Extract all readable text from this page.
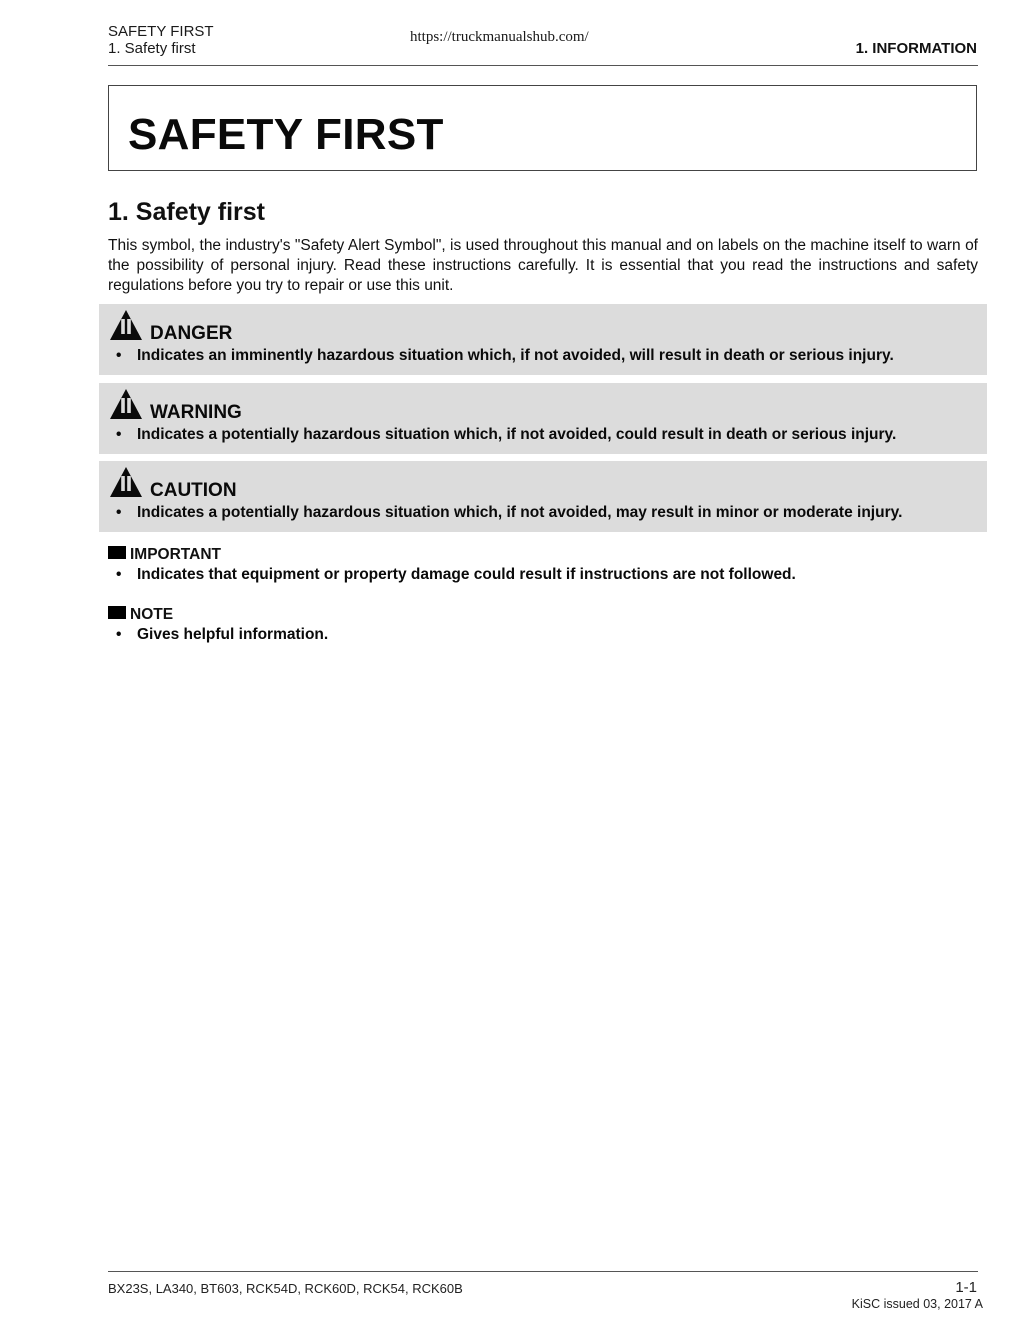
SAFETY FIRST
1. Safety first
https://truckmanualshub.com/
1. INFORMATION
SAFETY FIRST
1. Safety first

This symbol, the industry's "Safety Alert Symbol", is used throughout this manual and on labels on the machine itself to warn of the possibility of personal injury. Read these instructions carefully. It is essential that you read the instructions and safety regulations before you try to repair or use this unit.

DANGER
• Indicates an imminently hazardous situation which, if not avoided, will result in death or serious injury.
WARNING
• Indicates a potentially hazardous situation which, if not avoided, could result in death or serious injury.
CAUTION
• Indicates a potentially hazardous situation which, if not avoided, may result in minor or moderate injury.
IMPORTANT
• Indicates that equipment or property damage could result if instructions are not followed.
NOTE
• Gives helpful information.
BX23S, LA340, BT603, RCK54D, RCK60D, RCK54, RCK60B	1-1
KiSC issued 03, 2017 A
